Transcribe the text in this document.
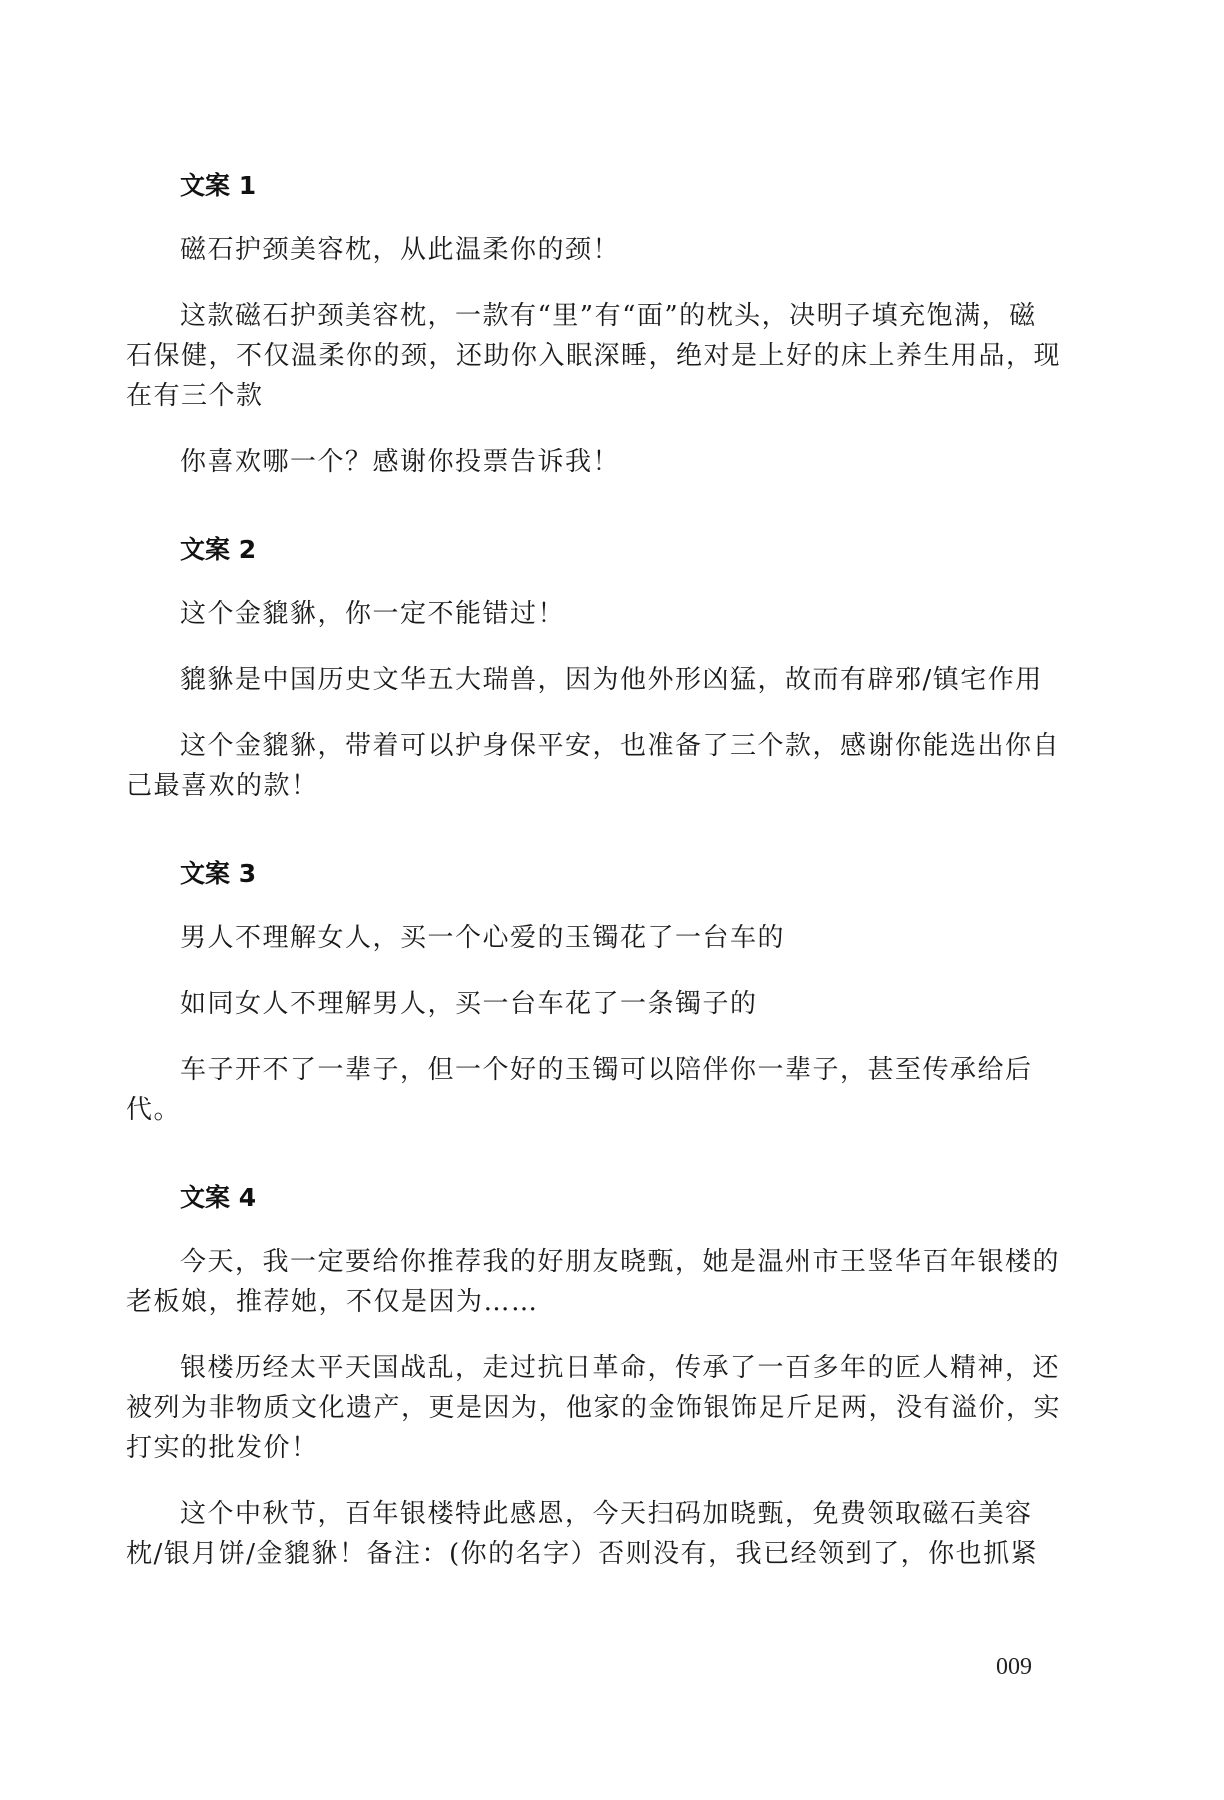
文案 1

磁石护颈美容枕，从此温柔你的颈！

这款磁石护颈美容枕，一款有“里”有“面”的枕头，决明子填充饱满，磁石保健，不仅温柔你的颈，还助你入眠深睡，绝对是上好的床上养生用品，现在有三个款

你喜欢哪一个？感谢你投票告诉我！

文案 2

这个金貔貅，你一定不能错过！

貔貅是中国历史文华五大瑞兽，因为他外形凶猛，故而有辟邪/镇宅作用

这个金貔貅，带着可以护身保平安，也准备了三个款，感谢你能选出你自己最喜欢的款！

文案 3

男人不理解女人，买一个心爱的玉镯花了一台车的

如同女人不理解男人，买一台车花了一条镯子的

车子开不了一辈子，但一个好的玉镯可以陪伴你一辈子，甚至传承给后代。

文案 4

今天，我一定要给你推荐我的好朋友晓甄，她是温州市王竖华百年银楼的老板娘，推荐她，不仅是因为……

银楼历经太平天国战乱，走过抗日革命，传承了一百多年的匠人精神，还被列为非物质文化遗产，更是因为，他家的金饰银饰足斤足两，没有溢价，实打实的批发价！

这个中秋节，百年银楼特此感恩，今天扫码加晓甄，免费领取磁石美容枕/银月饼/金貔貅！备注：(你的名字）否则没有，我已经领到了，你也抓紧

009
